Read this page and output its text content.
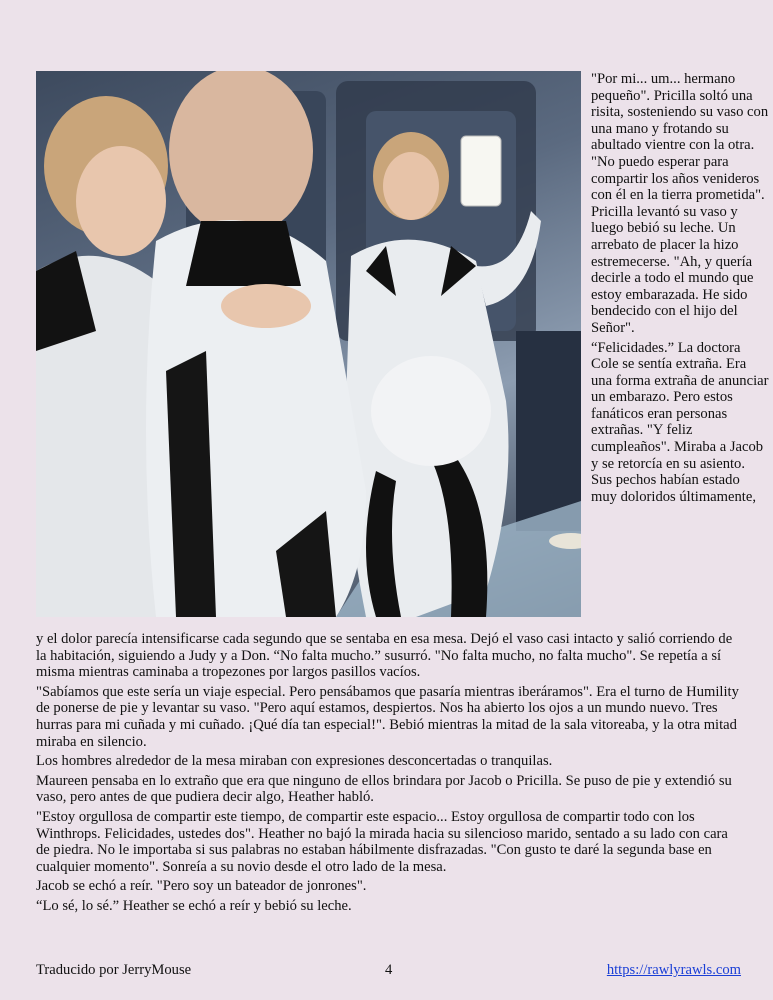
"Por mi... um... hermano pequeño". Pricilla soltó una risita, sosteniendo su vaso con una mano y frotando su abultado vientre con la otra. "No puedo esperar para compartir los años venideros con él en la tierra prometida". Pricilla levantó su vaso y luego bebió su leche. Un arrebato de placer la hizo estremecerse. "Ah, y quería decirle a todo el mundo que estoy embarazada. He sido bendecido con el hijo del Señor".

“Felicidades.” La doctora Cole se sentía extraña. Era una forma extraña de anunciar un embarazo. Pero estos fanáticos eran personas extrañas. "Y feliz cumpleaños". Miraba a Jacob y se retorcía en su asiento. Sus pechos habían estado muy doloridos últimamente,

y el dolor parecía intensificarse cada segundo que se sentaba en esa mesa. Dejó el vaso casi intacto y salió corriendo de la habitación, siguiendo a Judy y a Don. “No falta mucho.” susurró. "No falta mucho, no falta mucho". Se repetía a sí misma mientras caminaba a tropezones por largos pasillos vacíos.

"Sabíamos que este sería un viaje especial. Pero pensábamos que pasaría mientras iberáramos". Era el turno de Humility de ponerse de pie y levantar su vaso. "Pero aquí estamos, despiertos. Nos ha abierto los ojos a un mundo nuevo. Tres hurras para mi cuñada y mi cuñado. ¡Qué día tan especial!". Bebió mientras la mitad de la sala vitoreaba, y la otra mitad miraba en silencio.

Los hombres alrededor de la mesa miraban con expresiones desconcertadas o tranquilas.

Maureen pensaba en lo extraño que era que ninguno de ellos brindara por Jacob o Pricilla. Se puso de pie y extendió su vaso, pero antes de que pudiera decir algo, Heather habló.

"Estoy orgullosa de compartir este tiempo, de compartir este espacio... Estoy orgullosa de compartir todo con los Winthrops. Felicidades, ustedes dos". Heather no bajó la mirada hacia su silencioso marido, sentado a su lado con cara de piedra. No le importaba si sus palabras no estaban hábilmente disfrazadas. "Con gusto te daré la segunda base en cualquier momento". Sonreía a su novio desde el otro lado de la mesa.

Jacob se echó a reír. "Pero soy un bateador de jonrones".

“Lo sé, lo sé.” Heather se echó a reír y bebió su leche.

Traducido por JerryMouse	4	https://rawlyrawls.com
